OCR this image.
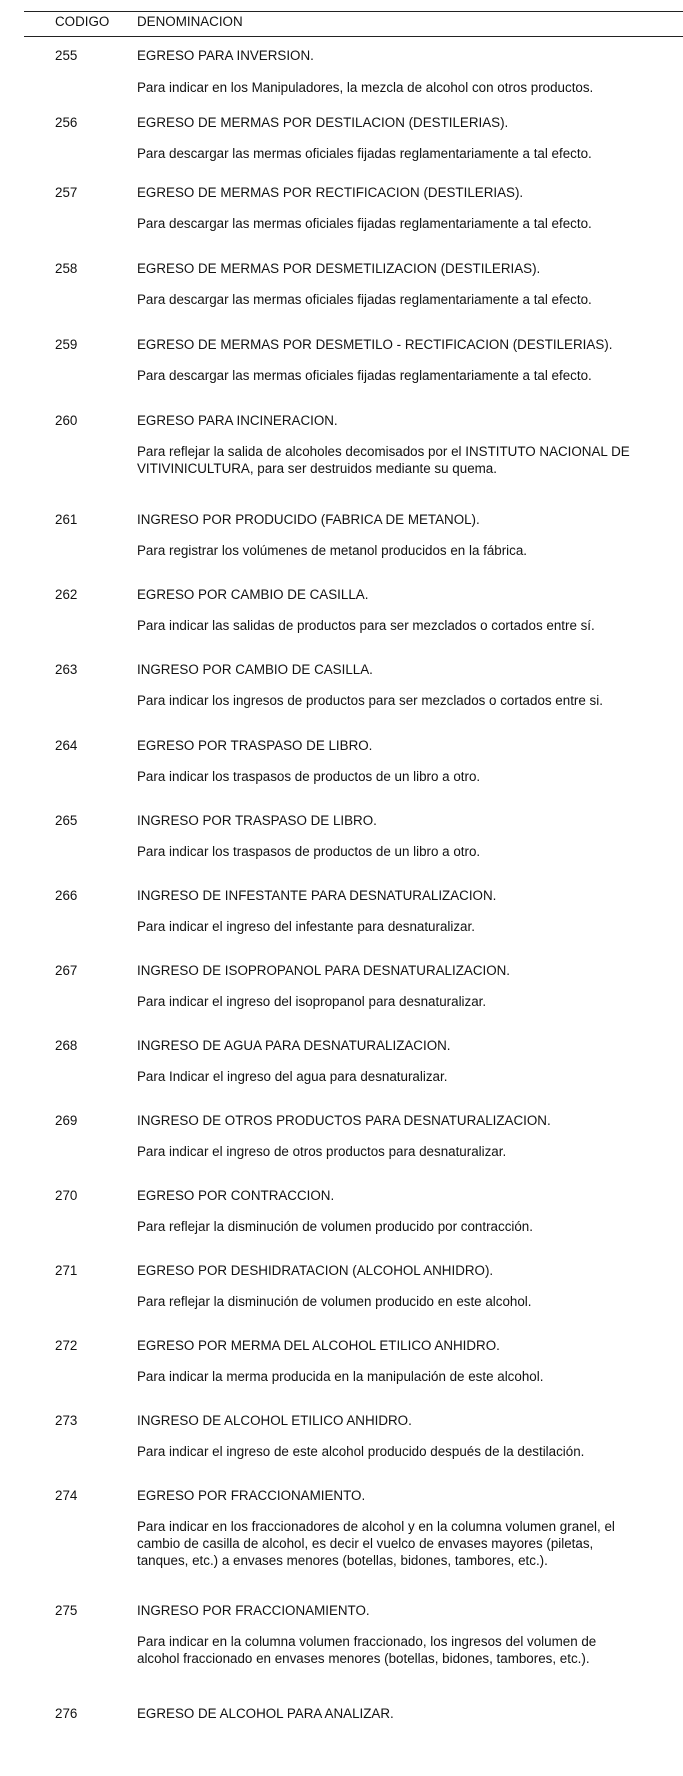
CODIGO DENOMINACION
255	EGRESO PARA INVERSION.
Para indicar en los Manipuladores, la mezcla de alcohol con otros productos.
256	EGRESO DE MERMAS POR DESTILACION (DESTILERIAS).
Para descargar las mermas oficiales fijadas reglamentariamente a tal efecto.
257	EGRESO DE MERMAS POR RECTIFICACION (DESTILERIAS).
Para descargar las mermas oficiales fijadas reglamentariamente a tal efecto.
258	EGRESO DE MERMAS POR DESMETILIZACION (DESTILERIAS).
Para descargar las mermas oficiales fijadas reglamentariamente a tal efecto.
259	EGRESO DE MERMAS POR DESMETILO - RECTIFICACION (DESTILERIAS).
Para descargar las mermas oficiales fijadas reglamentariamente a tal efecto.
260	EGRESO PARA INCINERACION.
Para reflejar la salida de alcoholes decomisados por el INSTITUTO NACIONAL DE
VITIVINICULTURA, para ser destruidos mediante su quema.
261	INGRESO POR PRODUCIDO (FABRICA DE METANOL).
Para registrar los volúmenes de metanol producidos en la fábrica.
262	EGRESO POR CAMBIO DE CASILLA.
Para indicar las salidas de productos para ser mezclados o cortados entre sí.
263	INGRESO POR CAMBIO DE CASILLA.
Para indicar los ingresos de productos para ser mezclados o cortados entre si.
264	EGRESO POR TRASPASO DE LIBRO.
Para indicar los traspasos de productos de un libro a otro.
265	INGRESO POR TRASPASO DE LIBRO.
Para indicar los traspasos de productos de un libro a otro.
266	INGRESO DE INFESTANTE PARA DESNATURALIZACION.
Para indicar el ingreso del infestante para desnaturalizar.
267	INGRESO DE ISOPROPANOL PARA DESNATURALIZACION.
Para indicar el ingreso del isopropanol para desnaturalizar.
268	INGRESO DE AGUA PARA DESNATURALIZACION.
Para Indicar el ingreso del agua para desnaturalizar.
269	INGRESO DE OTROS PRODUCTOS PARA DESNATURALIZACION.
Para indicar el ingreso de otros productos para desnaturalizar.
270	EGRESO POR CONTRACCION.
Para reflejar la disminución de volumen producido por contracción.
271	EGRESO POR DESHIDRATACION (ALCOHOL ANHIDRO).
Para reflejar la disminución de volumen producido en este alcohol.
272	EGRESO POR MERMA DEL ALCOHOL ETILICO ANHIDRO.
Para indicar la merma producida en la manipulación de este alcohol.
273	INGRESO DE ALCOHOL ETILICO ANHIDRO.
Para indicar el ingreso de este alcohol producido después de la destilación.
274	EGRESO POR FRACCIONAMIENTO.
Para indicar en los fraccionadores de alcohol y en la columna volumen granel, el
cambio de casilla de alcohol, es decir el vuelco de envases mayores (piletas,
tanques, etc.) a envases menores (botellas, bidones, tambores, etc.).
275	INGRESO POR FRACCIONAMIENTO.
Para indicar en la columna volumen fraccionado, los ingresos del volumen de
alcohol fraccionado en envases menores (botellas, bidones, tambores, etc.).
276	EGRESO DE ALCOHOL PARA ANALIZAR.
